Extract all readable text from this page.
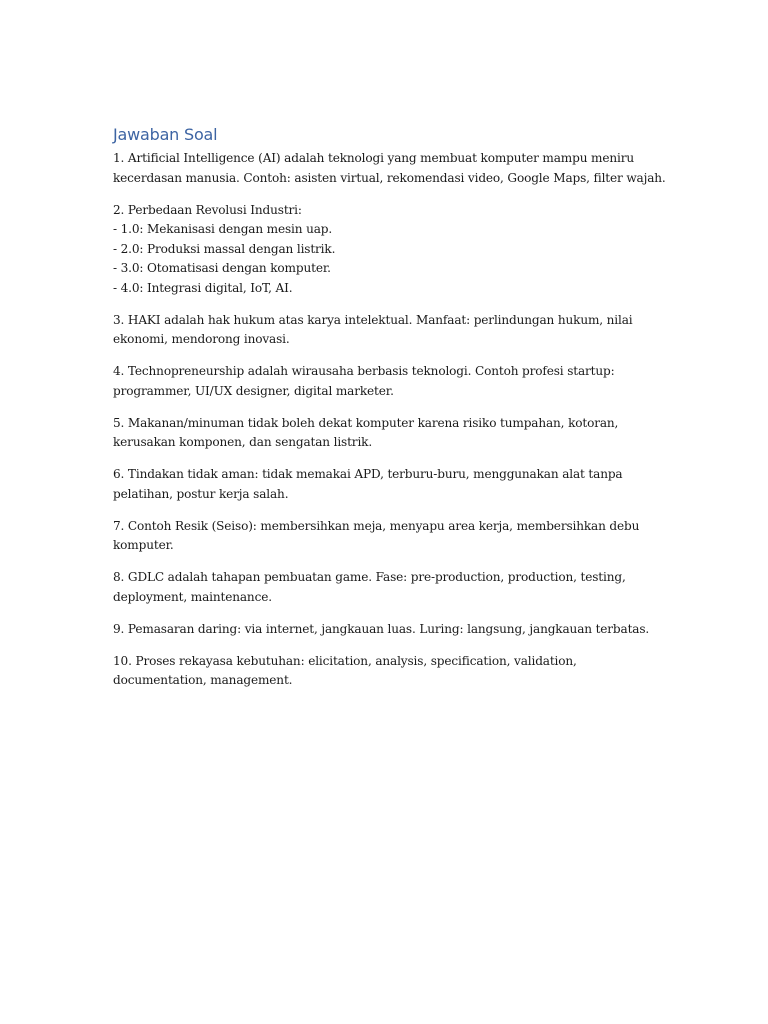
Jawaban Soal

1. Artificial Intelligence (AI) adalah teknologi yang membuat komputer mampu meniru
kecerdasan manusia. Contoh: asisten virtual, rekomendasi video, Google Maps, filter wajah.

2. Perbedaan Revolusi Industri:
- 1.0: Mekanisasi dengan mesin uap.
- 2.0: Produksi massal dengan listrik.
- 3.0: Otomatisasi dengan komputer.
- 4.0: Integrasi digital, IoT, AI.

3. HAKI adalah hak hukum atas karya intelektual. Manfaat: perlindungan hukum, nilai
ekonomi, mendorong inovasi.

4. Technopreneurship adalah wirausaha berbasis teknologi. Contoh profesi startup:
programmer, UI/UX designer, digital marketer.

5. Makanan/minuman tidak boleh dekat komputer karena risiko tumpahan, kotoran,
kerusakan komponen, dan sengatan listrik.

6. Tindakan tidak aman: tidak memakai APD, terburu-buru, menggunakan alat tanpa
pelatihan, postur kerja salah.

7. Contoh Resik (Seiso): membersihkan meja, menyapu area kerja, membersihkan debu
komputer.

8. GDLC adalah tahapan pembuatan game. Fase: pre-production, production, testing,
deployment, maintenance.

9. Pemasaran daring: via internet, jangkauan luas. Luring: langsung, jangkauan terbatas.

10. Proses rekayasa kebutuhan: elicitation, analysis, specification, validation,
documentation, management.
